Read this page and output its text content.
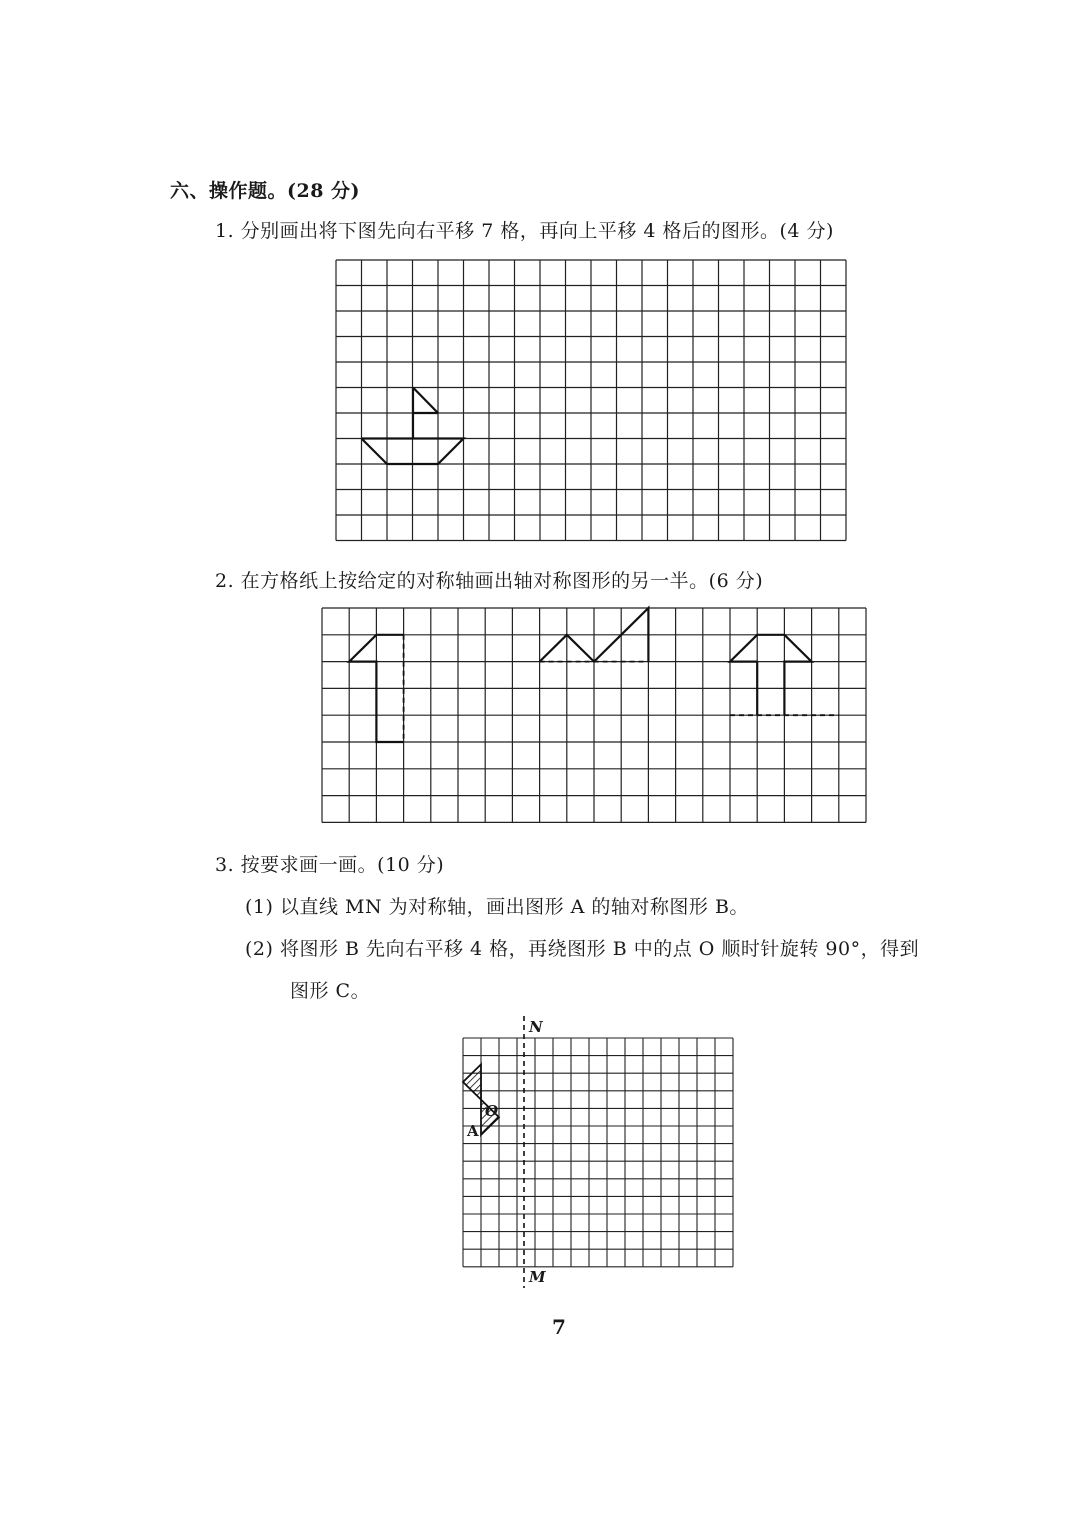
六、操作题。(28 分)
1. 分别画出将下图先向右平移 7 格，再向上平移 4 格后的图形。(4 分)
2. 在方格纸上按给定的对称轴画出轴对称图形的另一半。(6 分)
3. 按要求画一画。(10 分)
(1) 以直线 MN 为对称轴，画出图形 A 的轴对称图形 B。
(2) 将图形 B 先向右平移 4 格，再绕图形 B 中的点 O 顺时针旋转 90°，得到
图形 C。
N
M
O
A
7
